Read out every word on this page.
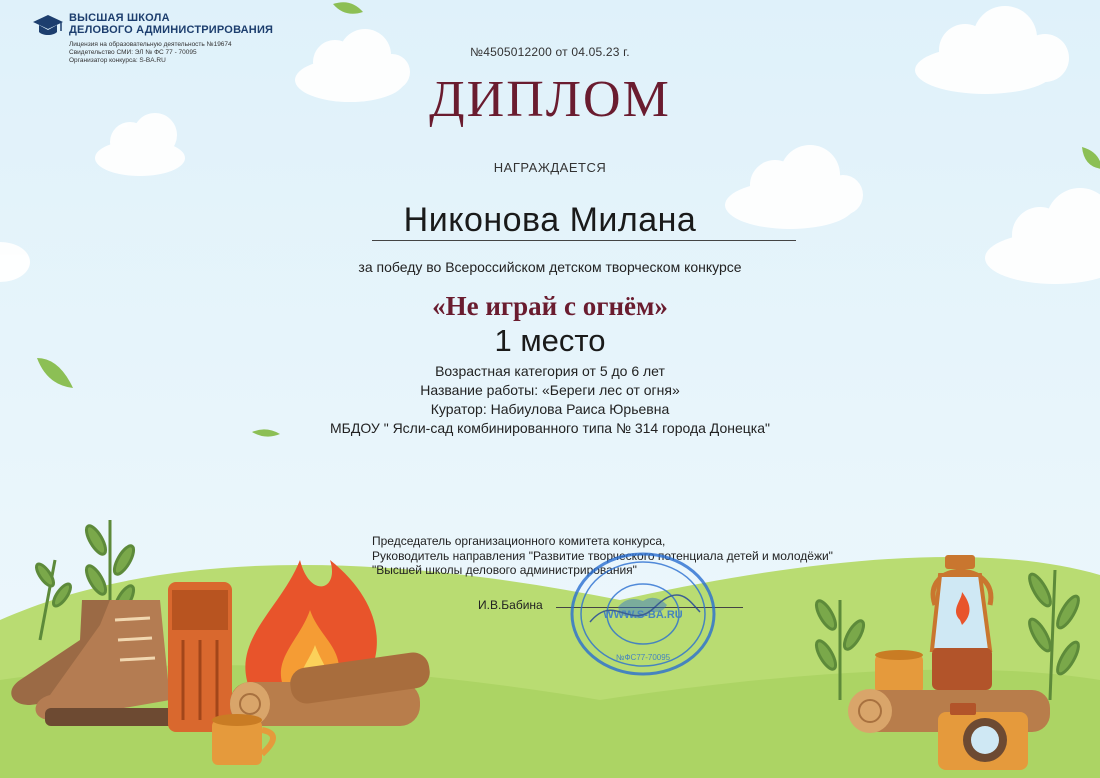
ВЫСШАЯ ШКОЛА
ДЕЛОВОГО АДМИНИСТРИРОВАНИЯ
Лицензия на образовательную деятельность №19674
Свидетельство СМИ: ЭЛ № ФС 77 - 70095
Организатор конкурса: S-BA.RU
№4505012200 от 04.05.23 г.
ДИПЛОМ
НАГРАЖДАЕТСЯ
Никонова Милана
за победу во Всероссийском детском творческом конкурсе
«Не играй с огнём»
1 место
Возрастная категория от 5 до 6 лет
Название работы: «Береги лес от огня»
Куратор: Набиулова Раиса Юрьевна
МБДОУ " Ясли-сад комбинированного типа № 314 города Донецка"
Председатель организационного комитета конкурса,
Руководитель направления "Развитие творческого потенциала детей и молодёжи"
"Высшей школы делового администрирования"
И.В.Бабина
WWW.S-BA.RU
№ФС77-70095
